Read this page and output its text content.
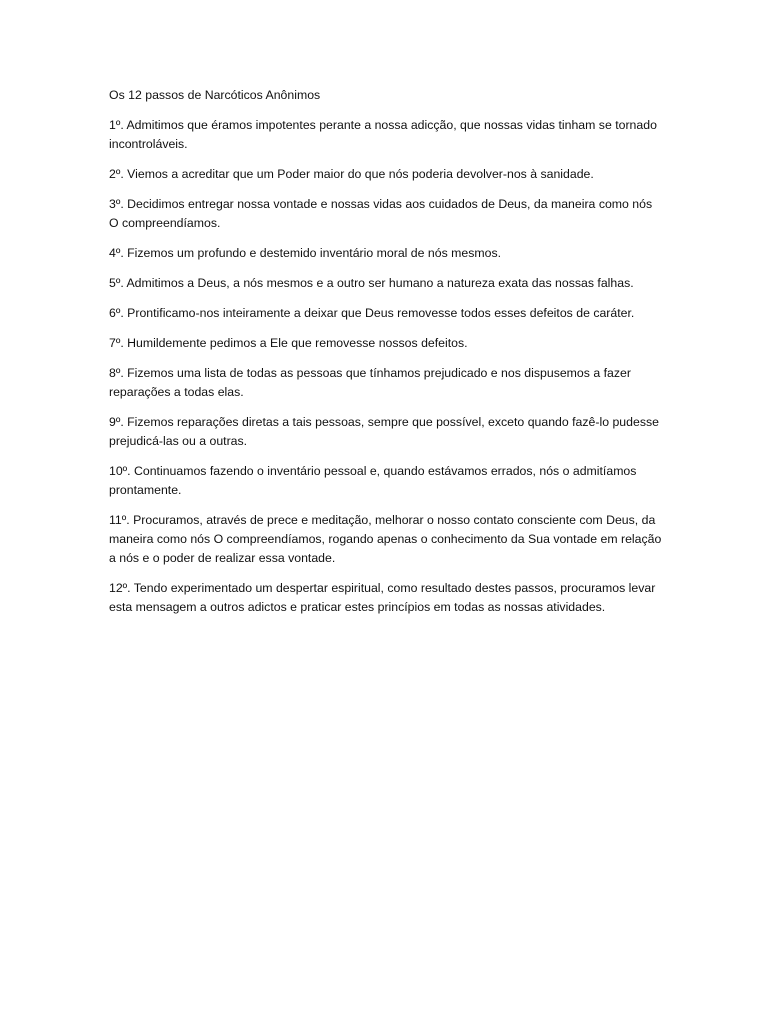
Os 12 passos de Narcóticos Anônimos

1º. Admitimos que éramos impotentes perante a nossa adicção, que nossas vidas tinham se tornado incontroláveis.

2º. Viemos a acreditar que um Poder maior do que nós poderia devolver-nos à sanidade.

3º. Decidimos entregar nossa vontade e nossas vidas aos cuidados de Deus, da maneira como nós O compreendíamos.

4º. Fizemos um profundo e destemido inventário moral de nós mesmos.

5º. Admitimos a Deus, a nós mesmos e a outro ser humano a natureza exata das nossas falhas.

6º. Prontificamo-nos inteiramente a deixar que Deus removesse todos esses defeitos de caráter.

7º. Humildemente pedimos a Ele que removesse nossos defeitos.

8º. Fizemos uma lista de todas as pessoas que tínhamos prejudicado e nos dispusemos a fazer reparações a todas elas.

9º. Fizemos reparações diretas a tais pessoas, sempre que possível, exceto quando fazê-lo pudesse prejudicá-las ou a outras.

10º. Continuamos fazendo o inventário pessoal e, quando estávamos errados, nós o admitíamos prontamente.

11º. Procuramos, através de prece e meditação, melhorar o nosso contato consciente com Deus, da maneira como nós O compreendíamos, rogando apenas o conhecimento da Sua vontade em relação a nós e o poder de realizar essa vontade.

12º. Tendo experimentado um despertar espiritual, como resultado destes passos, procuramos levar esta mensagem a outros adictos e praticar estes princípios em todas as nossas atividades.
